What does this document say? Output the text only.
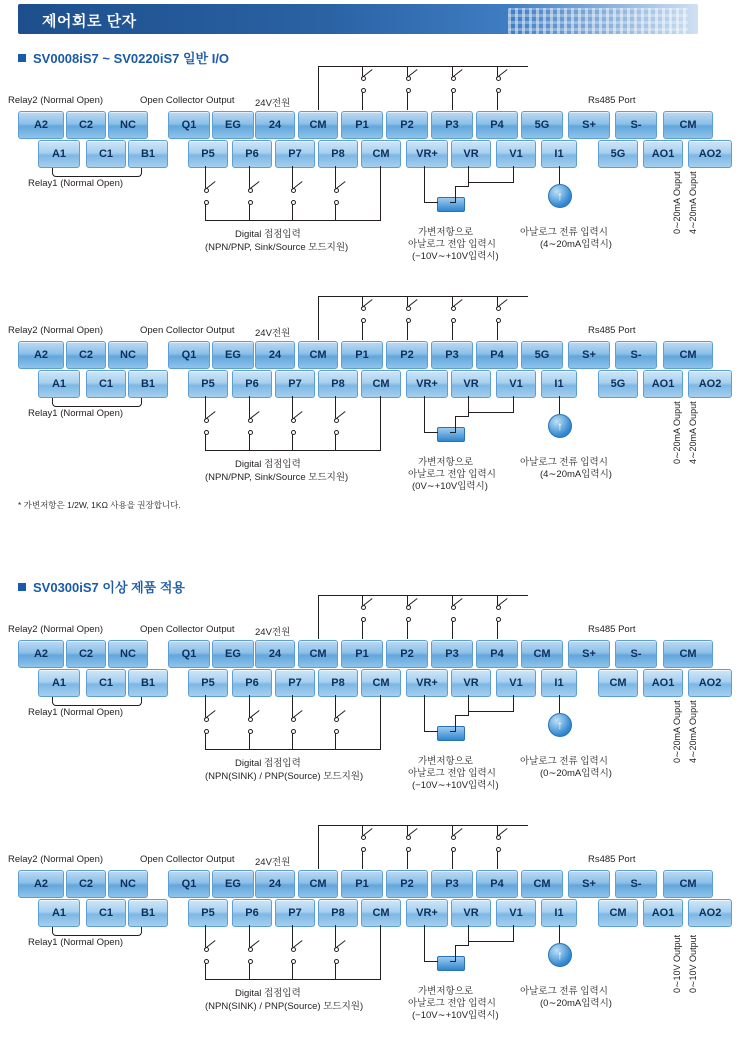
제어회로 단자
SV0008iS7 ~ SV0220iS7 일반 I/O
SV0300iS7 이상 제품 적용
* 가변저항은 1/2W, 1KΩ 사용을 권장합니다.
Relay2 (Normal Open)	Open Collector Output 24V전원	Rs485 Port
A2	C2	NC	Q1	EG	24	CM	P1	P2	P3	P4	5G	S+	S-	CM
A1	C1	B1	P5	P6	P7	P8	CM	VR+	VR	V1	I1	5G	AO1	AO2
Relay1 (Normal Open)
Digital 접점입력
(NPN/PNP, Sink/Source 모드지원)
가변저항으로
아날로그 전압 입력시
(−10V∼+10V입력시)
↑
아날로그 전류 입력시
(4∼20mA입력시)
0∼20mA Ouput 4∼20mA Ouput
Relay2 (Normal Open)	Open Collector Output 24V전원	Rs485 Port
A2	C2	NC	Q1	EG	24	CM	P1	P2	P3	P4	5G	S+	S-	CM
A1	C1	B1	P5	P6	P7	P8	CM	VR+	VR	V1	I1	5G	AO1	AO2
Relay1 (Normal Open)
Digital 접점입력
(NPN/PNP, Sink/Source 모드지원)
가변저항으로
아날로그 전압 입력시
(0V∼+10V입력시)
↑
아날로그 전류 입력시
(4∼20mA입력시)
0∼20mA Ouput 4∼20mA Ouput
Relay2 (Normal Open)	Open Collector Output 24V전원	Rs485 Port
A2	C2	NC	Q1	EG	24	CM	P1	P2	P3	P4	CM	S+	S-	CM
A1	C1	B1	P5	P6	P7	P8	CM	VR+	VR	V1	I1	CM	AO1	AO2
Relay1 (Normal Open)
Digital 접점입력
(NPN(SINK) / PNP(Source) 모드지원)
가변저항으로
아날로그 전압 입력시
(−10V∼+10V입력시)
↑
아날로그 전류 입력시
(0∼20mA입력시)
0∼20mA Ouput 4∼20mA Ouput
Relay2 (Normal Open)	Open Collector Output 24V전원	Rs485 Port
A2	C2	NC	Q1	EG	24	CM	P1	P2	P3	P4	CM	S+	S-	CM
A1	C1	B1	P5	P6	P7	P8	CM	VR+	VR	V1	I1	CM	AO1	AO2
Relay1 (Normal Open)
Digital 접점입력
(NPN(SINK) / PNP(Source) 모드지원)
가변저항으로
아날로그 전압 입력시
(−10V∼+10V입력시)
↑
아날로그 전류 입력시
(0∼20mA입력시)
0∼10V Output 0∼10V Output
